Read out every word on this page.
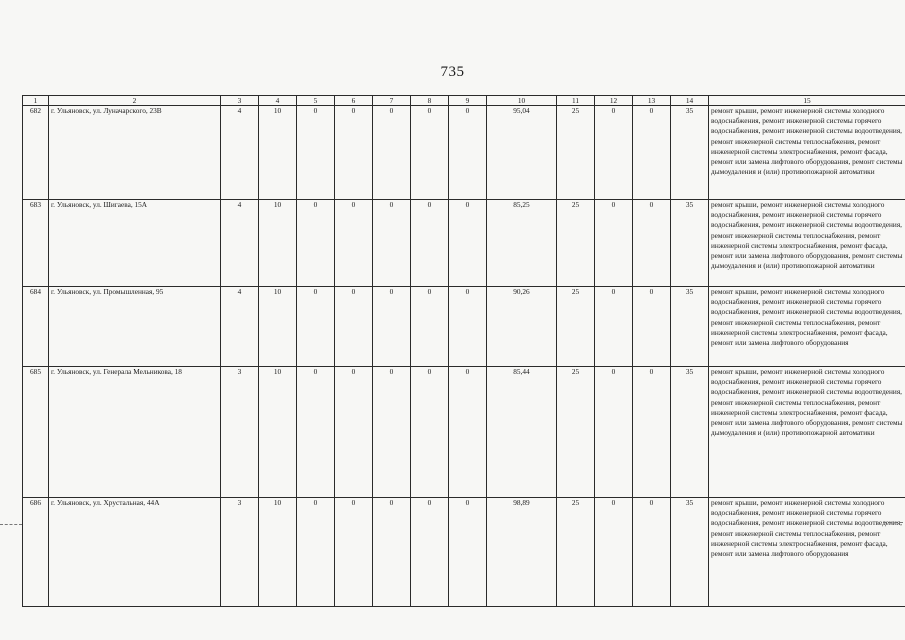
735
1	2	3	4	5	6	7	8	9	10	11	12	13	14	15
682	г. Ульяновск, ул. Луначарского, 23В	4	10	0	0	0	0	0	95,04	25	0	0	35	ремонт крыши, ремонт инженерной системы холодного водоснабжения, ремонт инженерной системы горячего водоснабжения, ремонт инженерной системы водоотведения, ремонт инженерной системы теплоснабжения, ремонт инженерной системы электроснабжения, ремонт фасада, ремонт или замена лифтового оборудования, ремонт системы дымоудаления и (или) противопожарной автоматики
683	г. Ульяновск, ул. Шигаева, 15А	4	10	0	0	0	0	0	85,25	25	0	0	35	ремонт крыши, ремонт инженерной системы холодного водоснабжения, ремонт инженерной системы горячего водоснабжения, ремонт инженерной системы водоотведения, ремонт инженерной системы теплоснабжения, ремонт инженерной системы электроснабжения, ремонт фасада, ремонт или замена лифтового оборудования, ремонт системы дымоудаления и (или) противопожарной автоматики
684	г. Ульяновск, ул. Промышленная, 95	4	10	0	0	0	0	0	90,26	25	0	0	35	ремонт крыши, ремонт инженерной системы холодного водоснабжения, ремонт инженерной системы горячего водоснабжения, ремонт инженерной системы водоотведения, ремонт инженерной системы теплоснабжения, ремонт инженерной системы электроснабжения, ремонт фасада, ремонт или замена лифтового оборудования
685	г. Ульяновск, ул. Генерала Мельникова, 18	3	10	0	0	0	0	0	85,44	25	0	0	35	ремонт крыши, ремонт инженерной системы холодного водоснабжения, ремонт инженерной системы горячего водоснабжения, ремонт инженерной системы водоотведения, ремонт инженерной системы теплоснабжения, ремонт инженерной системы электроснабжения, ремонт фасада, ремонт или замена лифтового оборудования, ремонт системы дымоудаления и (или) противопожарной автоматики
686	г. Ульяновск, ул. Хрустальная, 44А	3	10	0	0	0	0	0	98,89	25	0	0	35	ремонт крыши, ремонт инженерной системы холодного водоснабжения, ремонт инженерной системы горячего водоснабжения, ремонт инженерной системы водоотведения, ремонт инженерной системы теплоснабжения, ремонт инженерной системы электроснабжения, ремонт фасада, ремонт или замена лифтового оборудования
